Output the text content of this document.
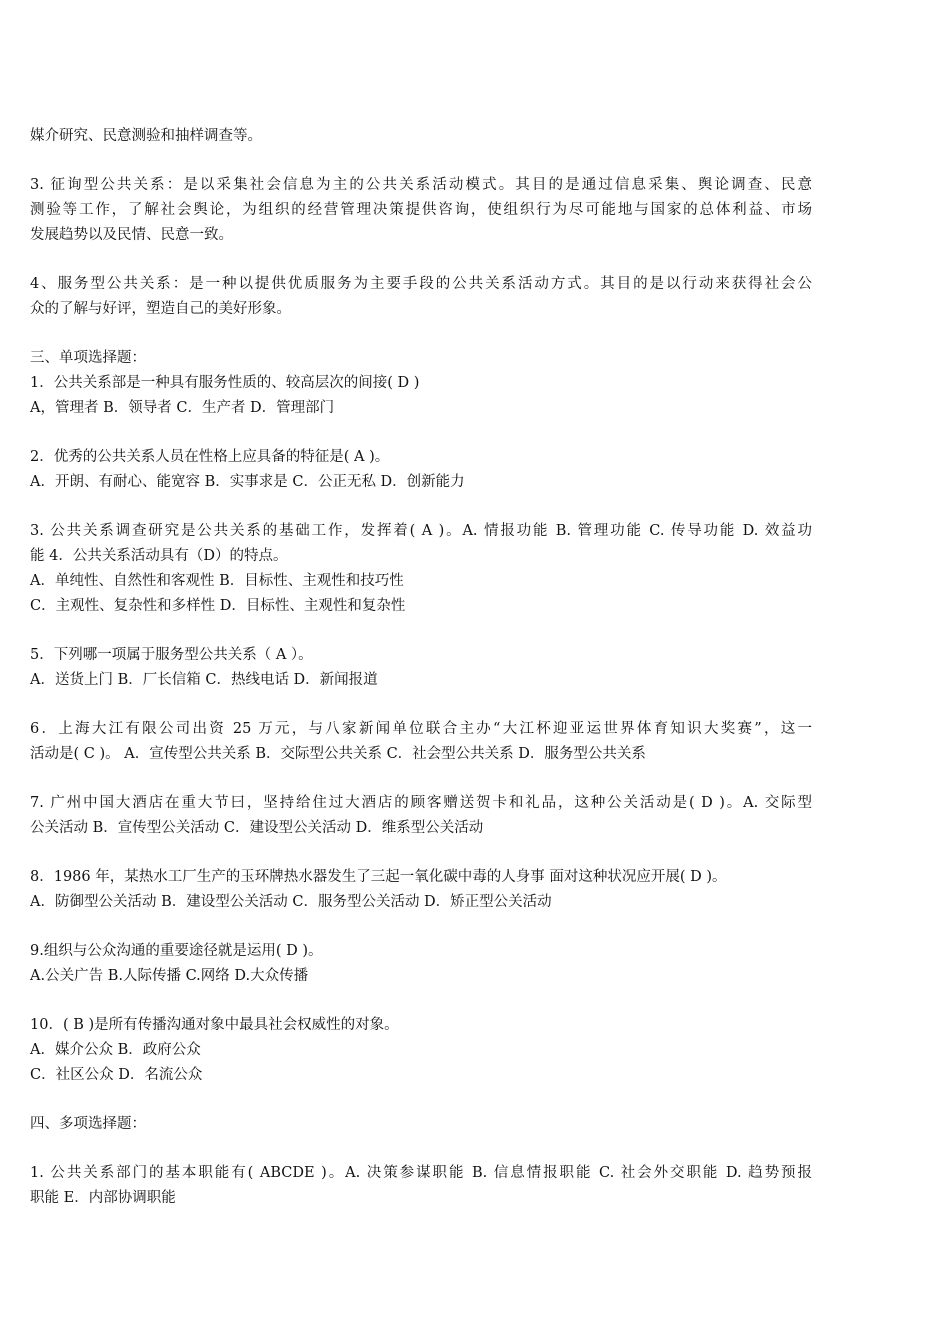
媒介研究、民意测验和抽样调查等。
3. 征询型公共关系：是以采集社会信息为主的公共关系活动模式。其目的是通过信息采集、舆论调查、民意
测验等工作，了解社会舆论，为组织的经营管理决策提供咨询，使组织行为尽可能地与国家的总体利益、市场
发展趋势以及民情、民意一致。
4、服务型公共关系：是一种以提供优质服务为主要手段的公共关系活动方式。其目的是以行动来获得社会公
众的了解与好评，塑造自己的美好形象。
三、单项选择题：
1．公共关系部是一种具有服务性质的、较高层次的间接( D )
A，管理者 B．领导者 C．生产者 D．管理部门
2．优秀的公共关系人员在性格上应具备的特征是( A )。
A．开朗、有耐心、能宽容 B．实事求是 C．公正无私 D．创新能力
3. 公共关系调查研究是公共关系的基础工作，发挥着( A )。A. 情报功能 B. 管理功能 C. 传导功能 D. 效益功
能 4．公共关系活动具有（D）的特点。
A．单纯性、自然性和客观性 B．目标性、主观性和技巧性
C．主观性、复杂性和多样性 D．目标性、主观性和复杂性
5．下列哪一项属于服务型公共关系（ A ）。
A．送货上门 B．厂长信箱 C．热线电话 D．新闻报道
6．上海大江有限公司出资 25 万元，与八家新闻单位联合主办“大江杯迎亚运世界体育知识大奖赛”，这一
活动是( C )。 A．宣传型公共关系 B．交际型公共关系 C．社会型公共关系 D．服务型公共关系
7. 广州中国大酒店在重大节曰，坚持给住过大酒店的顾客赠送贺卡和礼品，这种公关活动是( D )。A. 交际型
公关活动 B．宣传型公关活动 C．建设型公关活动 D．维系型公关活动
8．1986 年，某热水工厂生产的玉环牌热水器发生了三起一氧化碳中毒的人身事 面对这种状况应开展( D )。
A．防御型公关活动 B．建设型公关活动 C．服务型公关活动 D．矫正型公关活动
9.组织与公众沟通的重要途径就是运用( D )。
A.公关广告 B.人际传播 C.网络 D.大众传播
10．( B )是所有传播沟通对象中最具社会权威性的对象。
A．媒介公众 B．政府公众
C．社区公众 D．名流公众
四、多项选择题：
1. 公共关系部门的基本职能有( ABCDE )。A. 决策参谋职能 B. 信息情报职能 C. 社会外交职能 D. 趋势预报
职能 E．内部协调职能
